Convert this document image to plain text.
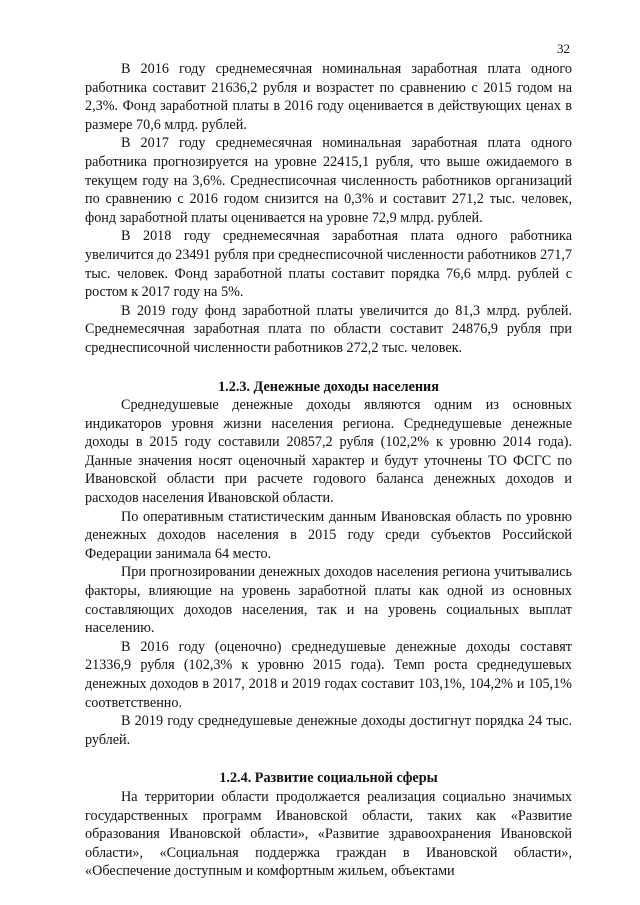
32

В 2016 году среднемесячная номинальная заработная плата одного работника составит 21636,2 рубля и возрастет по сравнению с 2015 годом на 2,3%. Фонд заработной платы в 2016 году оценивается в действующих ценах в размере 70,6 млрд. рублей.

В 2017 году среднемесячная номинальная заработная плата одного работника прогнозируется на уровне 22415,1 рубля, что выше ожидаемого в текущем году на 3,6%. Среднесписочная численность работников организаций по сравнению с 2016 годом снизится на 0,3% и составит 271,2 тыс. человек, фонд заработной платы оценивается на уровне 72,9 млрд. рублей.

В 2018 году среднемесячная заработная плата одного работника увеличится до 23491 рубля при среднесписочной численности работников 271,7 тыс. человек. Фонд заработной платы составит порядка 76,6 млрд. рублей с ростом к 2017 году на 5%.

В 2019 году фонд заработной платы увеличится до 81,3 млрд. рублей. Среднемесячная заработная плата по области составит 24876,9 рубля при среднесписочной численности работников 272,2 тыс. человек.

1.2.3. Денежные доходы населения

Среднедушевые денежные доходы являются одним из основных индикаторов уровня жизни населения региона. Среднедушевые денежные доходы в 2015 году составили 20857,2 рубля (102,2% к уровню 2014 года). Данные значения носят оценочный характер и будут уточнены ТО ФСГС по Ивановской области при расчете годового баланса денежных доходов и расходов населения Ивановской области.

По оперативным статистическим данным Ивановская область по уровню денежных доходов населения в 2015 году среди субъектов Российской Федерации занимала 64 место.

При прогнозировании денежных доходов населения региона учитывались факторы, влияющие на уровень заработной платы как одной из основных составляющих доходов населения, так и на уровень социальных выплат населению.

В 2016 году (оценочно) среднедушевые денежные доходы составят 21336,9 рубля (102,3% к уровню 2015 года). Темп роста среднедушевых денежных доходов в 2017, 2018 и 2019 годах составит 103,1%, 104,2% и 105,1% соответственно.

В 2019 году среднедушевые денежные доходы достигнут порядка 24 тыс. рублей.

1.2.4. Развитие социальной сферы

На территории области продолжается реализация социально значимых государственных программ Ивановской области, таких как «Развитие образования Ивановской области», «Развитие здравоохранения Ивановской области», «Социальная поддержка граждан в Ивановской области», «Обеспечение доступным и комфортным жильем, объектами
